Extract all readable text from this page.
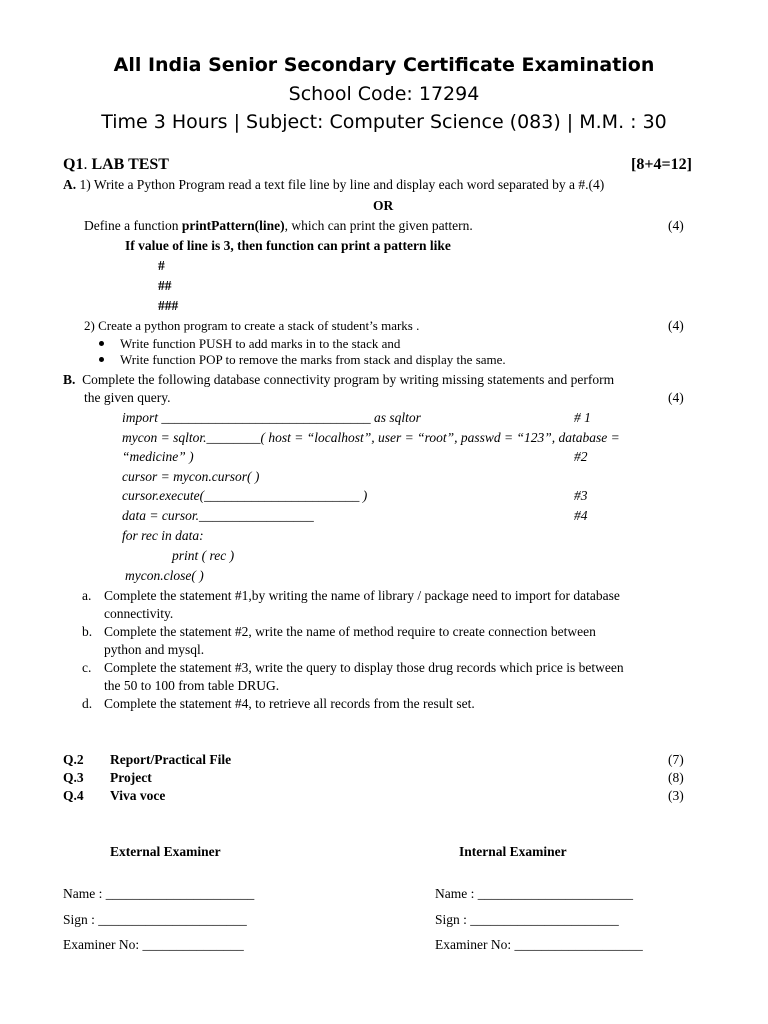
All India Senior Secondary Certificate Examination
School Code: 17294
Time 3 Hours | Subject: Computer Science (083) | M.M. : 30
Q1. LAB TEST	[8+4=12]
A. 1) Write a Python Program read a text file line by line and display each word separated by a #.(4)
OR
Define a function printPattern(line), which can print the given pattern.	(4)
If value of line is 3, then function can print a pattern like
#
##
###
2) Create a python program to create a stack of student’s marks .	(4)
Write function PUSH to add marks in to the stack and
Write function POP to remove the marks from stack and display the same.
B. Complete the following database connectivity program by writing missing statements and perform
the given query.	(4)
import _______________________________ as sqltor	# 1
mycon = sqltor.________( host = “localhost”, user = “root”, passwd = “123”, database =
“medicine” )	#2
cursor = mycon.cursor( )
cursor.execute(_______________________ )	#3
data = cursor._________________	#4
for rec in data:
print ( rec )
mycon.close( )
a. Complete the statement #1,by writing the name of library / package need to import for database
connectivity.
b. Complete the statement #2, write the name of method require to create connection between
python and mysql.
c. Complete the statement #3, write the query to display those drug records which price is between
the 50 to 100 from table DRUG.
d. Complete the statement #4, to retrieve all records from the result set.
Q.2 Report/Practical File	(7)
Q.3 Project	(8)
Q.4 Viva voce	(3)
External Examiner	Internal Examiner
Name : ______________________	Name : _______________________
Sign : ______________________	Sign : ______________________
Examiner No: _______________	Examiner No: ___________________
